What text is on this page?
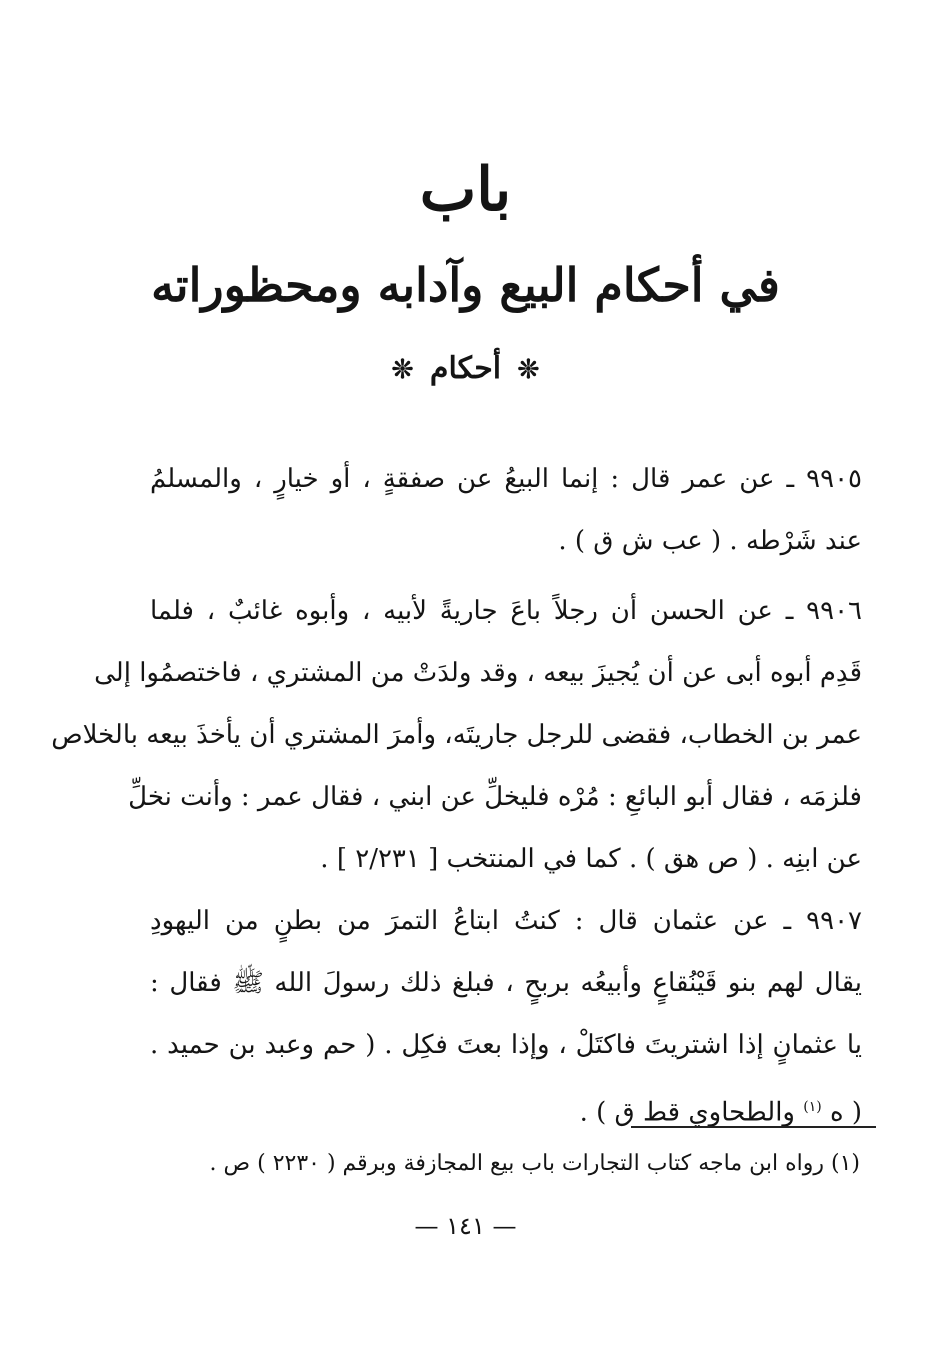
باب
في أحكام البيع وآدابه ومحظوراته
❊ أحكام ❊
٩٩٠٥ ـ عن عمر قال : إنما البيعُ عن صفقةٍ ، أو خيارٍ ، والمسلمُ
عند شَرْطه . ( عب ش ق ) .
٩٩٠٦ ـ عن الحسن أن رجلاً باعَ جاريةً لأبيه ، وأبوه غائبٌ ، فلما
قَدِم أبوه أبى عن أن يُجيزَ بيعه ، وقد ولدَتْ من المشتري ، فاختصمُوا إلى
عمر بن الخطاب، فقضى للرجل جاريتَه، وأمرَ المشتري أن يأخذَ بيعه بالخلاص
فلزمَه ، فقال أبو البائعِ : مُرْه فليخلِّ عن ابني ، فقال عمر : وأنت نخلِّ
عن ابنِه . ( ص هق ) . كما في المنتخب [ ٢/٢٣١ ] .
٩٩٠٧ ـ عن عثمان قال : كنتُ ابتاعُ التمرَ من بطنٍ من اليهودِ
يقال لهم بنو قَيْنُقاعٍ وأبيعُه بربحٍ ، فبلغ ذلك رسولَ الله ﷺ فقال :
يا عثمانٍ إذا اشتريتَ فاكتَلْ ، وإذا بعتَ فكِل . ( حم وعبد بن حميد .
( ه $^{(١)}$ والطحاوي قط ق ) .
(١) رواه ابن ماجه كتاب التجارات باب بيع المجازفة وبرقم ( ٢٢٣٠ ) ص .
— ١٤١ —
